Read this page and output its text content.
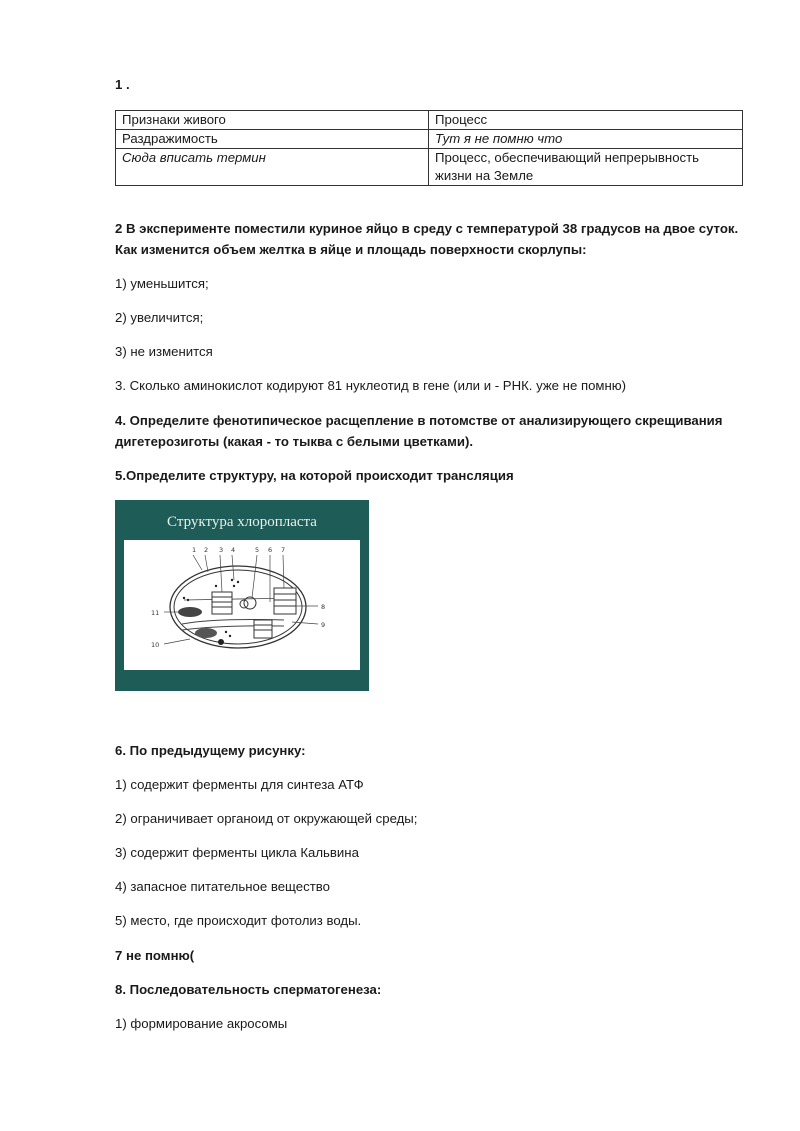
1 .
Признаки живого	Процесс
Раздражимость	Тут я не помню что
Сюда вписать термин	Процесс, обеспечивающий непрерывность жизни на Земле
2 В эксперименте поместили куриное яйцо в среду с температурой 38 градусов на двое суток.
Как изменится объем желтка в яйце и площадь поверхности скорлупы:
1) уменьшится;
2) увеличится;
3) не изменится
3. Сколько аминокислот кодируют 81 нуклеотид в гене (или и - РНК. уже не помню)
4. Определите фенотипическое расщепление в потомстве от анализирующего скрещивания
дигетерозиготы (какая - то тыква с белыми цветками).
5.Определите структуру, на которой происходит трансляция
Структура хлоропласта
1 2 3 4	5 6 7
8
9
11
10
6. По предыдущему рисунку:
1) содержит ферменты для синтеза АТФ
2) ограничивает органоид от окружающей среды;
3) содержит ферменты цикла Кальвина
4) запасное питательное вещество
5) место, где происходит фотолиз воды.
7 не помню(
8. Последовательность сперматогенеза:
1) формирование акросомы
